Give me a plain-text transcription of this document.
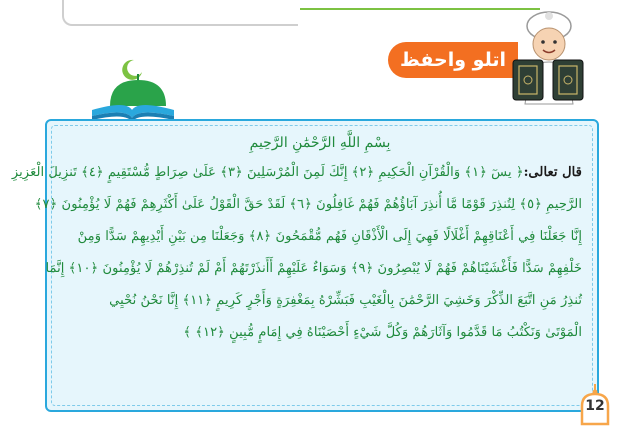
اتلو واحفظ
بِسْمِ اللَّهِ الرَّحْمَٰنِ الرَّحِيمِ
قال تعالى:
﴿ يسٓ ﴿١﴾ وَالْقُرْآنِ الْحَكِيمِ ﴿٢﴾ إِنَّكَ لَمِنَ الْمُرْسَلِينَ ﴿٣﴾ عَلَىٰ صِرَاطٍ مُّسْتَقِيمٍ ﴿٤﴾ تَنزِيلَ الْعَزِيزِ
الرَّحِيمِ ﴿٥﴾ لِتُنذِرَ قَوْمًا مَّا أُنذِرَ آبَاؤُهُمْ فَهُمْ غَافِلُونَ ﴿٦﴾ لَقَدْ حَقَّ الْقَوْلُ عَلَىٰ أَكْثَرِهِمْ فَهُمْ لَا يُؤْمِنُونَ ﴿٧﴾
إِنَّا جَعَلْنَا فِي أَعْنَاقِهِمْ أَغْلَالًا فَهِيَ إِلَى الْأَذْقَانِ فَهُم مُّقْمَحُونَ ﴿٨﴾ وَجَعَلْنَا مِن بَيْنِ أَيْدِيهِمْ سَدًّا وَمِنْ
خَلْفِهِمْ سَدًّا فَأَغْشَيْنَاهُمْ فَهُمْ لَا يُبْصِرُونَ ﴿٩﴾ وَسَوَاءٌ عَلَيْهِمْ أَأَنذَرْتَهُمْ أَمْ لَمْ تُنذِرْهُمْ لَا يُؤْمِنُونَ ﴿١٠﴾ إِنَّمَا
تُنذِرُ مَنِ اتَّبَعَ الذِّكْرَ وَخَشِيَ الرَّحْمَٰنَ بِالْغَيْبِ فَبَشِّرْهُ بِمَغْفِرَةٍ وَأَجْرٍ كَرِيمٍ ﴿١١﴾ إِنَّا نَحْنُ نُحْيِي
الْمَوْتَىٰ وَنَكْتُبُ مَا قَدَّمُوا وَآثَارَهُمْ وَكُلَّ شَيْءٍ أَحْصَيْنَاهُ فِي إِمَامٍ مُّبِينٍ ﴿١٢﴾ ﴾
12
